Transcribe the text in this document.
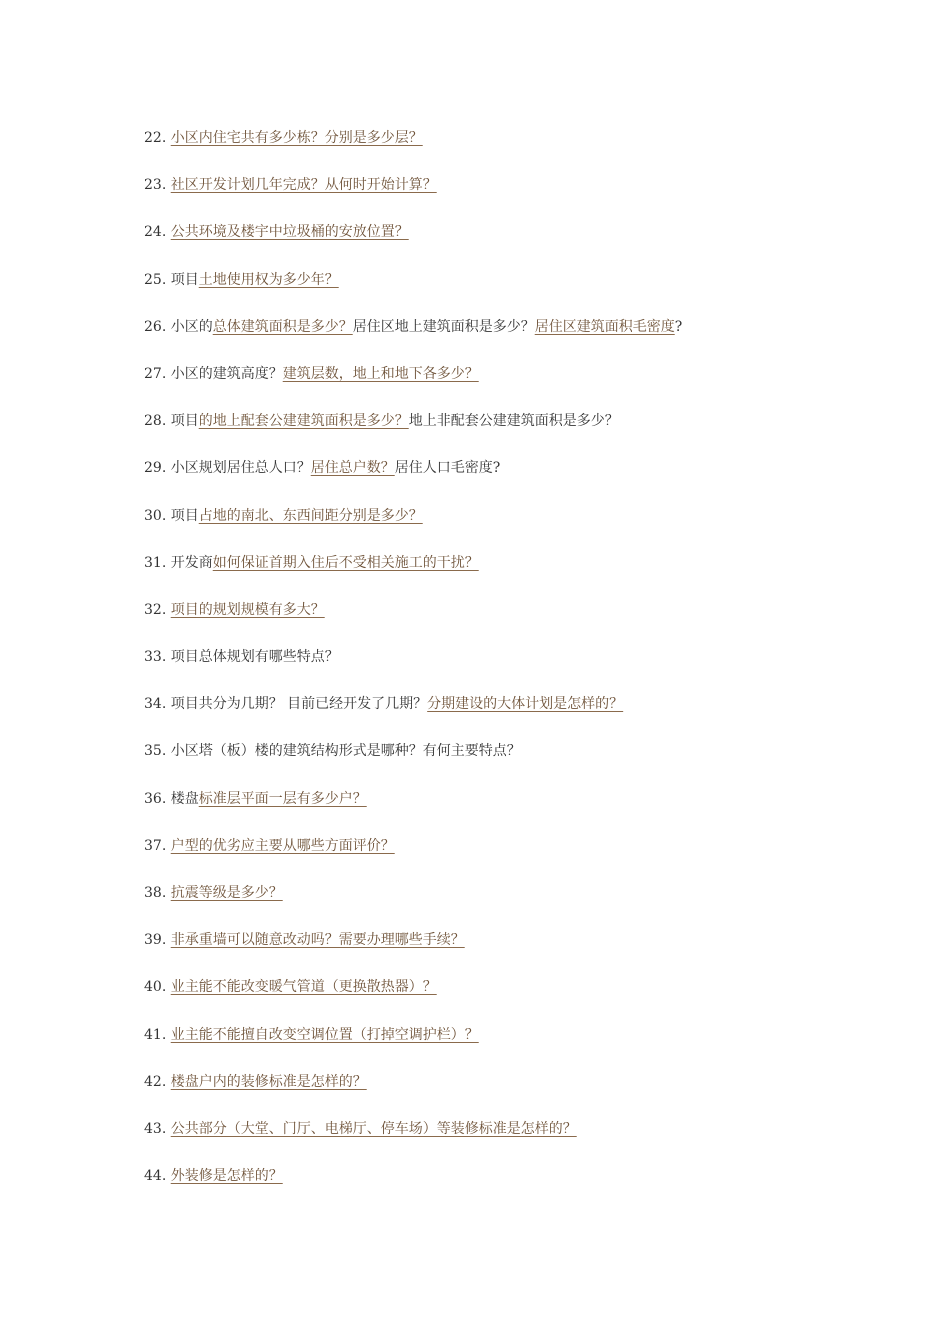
22. 小区内住宅共有多少栋？分别是多少层？
23. 社区开发计划几年完成？从何时开始计算？
24. 公共环境及楼宇中垃圾桶的安放位置？
25. 项目土地使用权为多少年？
26. 小区的总体建筑面积是多少？居住区地上建筑面积是多少？居住区建筑面积毛密度?
27. 小区的建筑高度？建筑层数，地上和地下各多少？
28. 项目的地上配套公建建筑面积是多少？地上非配套公建建筑面积是多少？
29. 小区规划居住总人口？居住总户数？居住人口毛密度?
30. 项目占地的南北、东西间距分别是多少？
31. 开发商如何保证首期入住后不受相关施工的干扰？
32. 项目的规划规模有多大？
33. 项目总体规划有哪些特点？
34. 项目共分为几期？ 目前已经开发了几期？分期建设的大体计划是怎样的？
35. 小区塔（板）楼的建筑结构形式是哪种？有何主要特点？
36. 楼盘标准层平面一层有多少户？
37. 户型的优劣应主要从哪些方面评价？
38. 抗震等级是多少？
39. 非承重墙可以随意改动吗？需要办理哪些手续？
40. 业主能不能改变暖气管道（更换散热器）？
41. 业主能不能擅自改变空调位置（打掉空调护栏）？
42. 楼盘户内的装修标准是怎样的？
43. 公共部分（大堂、门厅、电梯厅、停车场）等装修标准是怎样的？
44. 外装修是怎样的？
